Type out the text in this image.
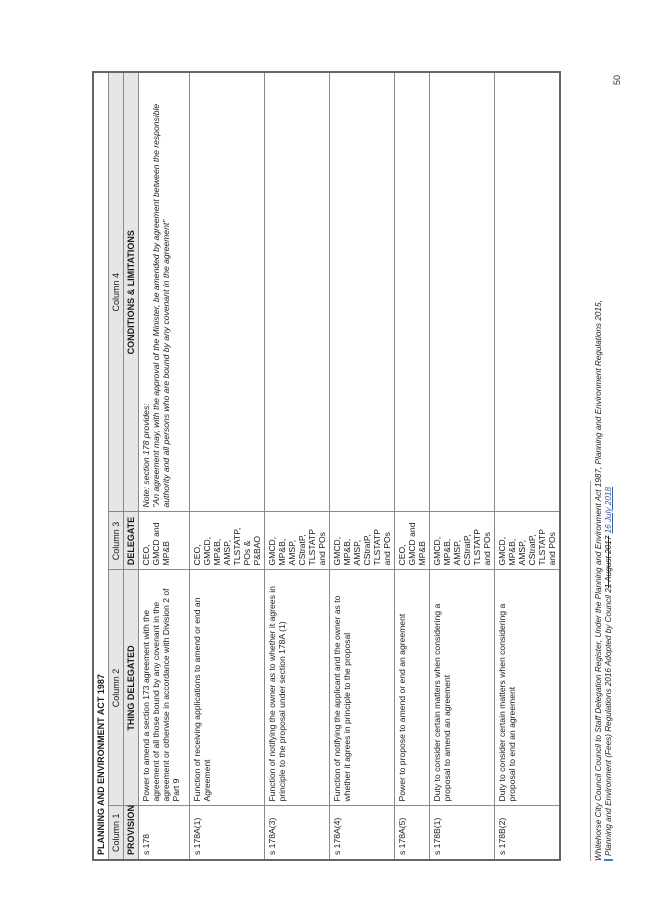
PLANNING AND ENVIRONMENT ACT 1987			
Column 1	Column 2	Column 3	Column 4
PROVISION	THING DELEGATED	DELEGATE	CONDITIONS & LIMITATIONS
s 178	Power to amend a section 173 agreement with the agreement of all those bound by any covenant in the agreement or otherwise in accordance with Division 2 of Part 9	CEO, GMCD and MP&B	Note: section 178 provides: "An agreement may, with the approval of the Minister, be amended by agreement between the responsible authority and all persons who are bound by any covenant in the agreement"

s 178A(1)	Function of receiving applications to amend or end an Agreement	CEO, GMCD, MP&B, AMSP, TLSTATP, POs & P&BAO	
s 178A(3)	Function of notifying the owner as to whether it agrees in principle to the proposal under section 178A (1)	GMCD, MP&B, AMSP, CStratP, TLSTATP and POs	
s 178A(4)	Function of notifying the applicant and the owner as to whether it agrees in principle to the proposal	GMCD, MP&B, AMSP, CStratP, TLSTATP and POs	
s 178A(5)	Power to propose to amend or end an agreement	CEO, GMCD and MP&B	
s 178B(1)	Duty to consider certain matters when considering a proposal to amend an agreement	GMCD, MP&B, AMSP, CStratP, TLSTATP and POs	
s 178B(2)	Duty to consider certain matters when considering a proposal to end an agreement	GMCD, MP&B, AMSP, CStratP, TLSTATP and POs		Whitehorse City Council Council to Staff Delegation Register, Under the Planning and Environment Act 1987, Planning and Environment Regulations 2015, Planning and Environment (Fees) Regulations 2016 Adopted by Council 21 August 2017 16 July 2018
50
